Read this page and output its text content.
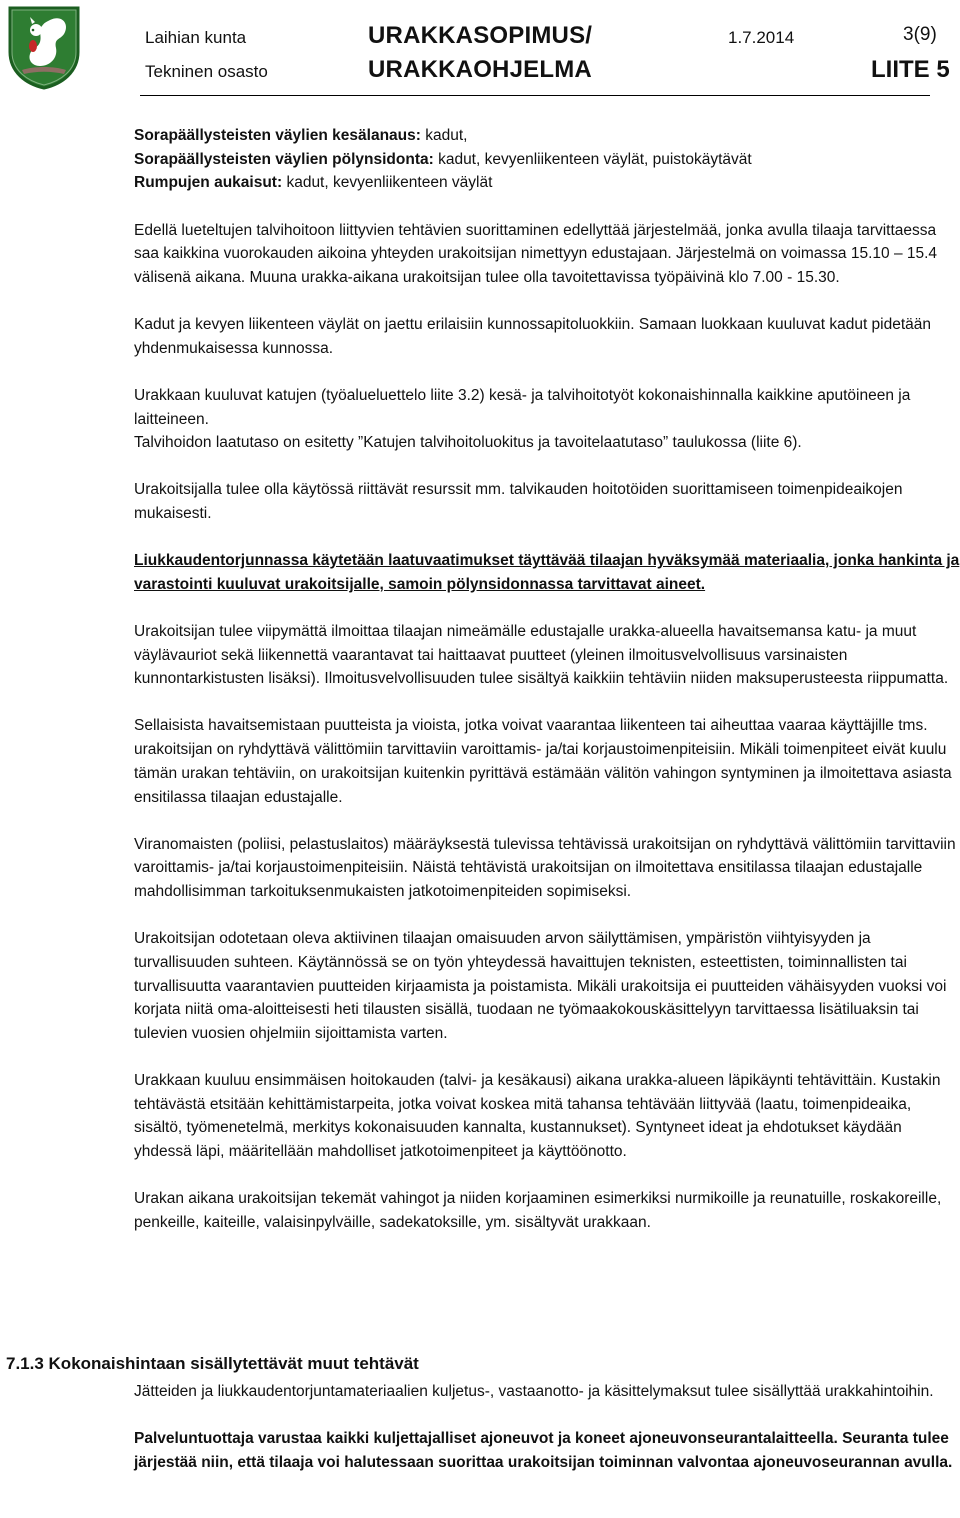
Laihian kunta
Tekninen osasto
URAKKASOPIMUS/
URAKKAOHJELMA
1.7.2014	3(9)
LIITE 5

Sorapäällysteisten väylien kesälanaus: kadut,

Sorapäällysteisten väylien pölynsidonta: kadut, kevyenliikenteen väylät, puistokäytävät

Rumpujen aukaisut: kadut, kevyenliikenteen väylät

Edellä lueteltujen talvihoitoon liittyvien tehtävien suorittaminen edellyttää järjestelmää, jonka avulla tilaaja tarvittaessa saa kaikkina vuorokauden aikoina yhteyden urakoitsijan nimettyyn edustajaan. Järjestelmä on voimassa 15.10 – 15.4 välisenä aikana. Muuna urakka-aikana urakoitsijan tulee olla tavoitettavissa työpäivinä klo 7.00 - 15.30.

Kadut ja kevyen liikenteen väylät on jaettu erilaisiin kunnossapitoluokkiin. Samaan luokkaan kuuluvat kadut pidetään yhdenmukaisessa kunnossa.

Urakkaan kuuluvat katujen (työalueluettelo liite 3.2) kesä- ja talvihoitotyöt kokonaishinnalla kaikkine aputöineen ja laitteineen.

Talvihoidon laatutaso on esitetty ”Katujen talvihoitoluokitus ja tavoitelaatutaso” taulukossa (liite 6).

Urakoitsijalla tulee olla käytössä riittävät resurssit mm. talvikauden hoitotöiden suorittamiseen toimenpideaikojen mukaisesti.

Liukkaudentorjunnassa käytetään laatuvaatimukset täyttävää tilaajan hyväksymää materiaalia, jonka hankinta ja varastointi kuuluvat urakoitsijalle, samoin pölynsidonnassa tarvittavat aineet.

Urakoitsijan tulee viipymättä ilmoittaa tilaajan nimeämälle edustajalle urakka-alueella havaitsemansa katu- ja muut väylävauriot sekä liikennettä vaarantavat tai haittaavat puutteet (yleinen ilmoitusvelvollisuus varsinaisten kunnontarkistusten lisäksi). Ilmoitusvelvollisuuden tulee sisältyä kaikkiin tehtäviin niiden maksuperusteesta riippumatta.

Sellaisista havaitsemistaan puutteista ja vioista, jotka voivat vaarantaa liikenteen tai aiheuttaa vaaraa käyttäjille tms. urakoitsijan on ryhdyttävä välittömiin tarvittaviin varoittamis- ja/tai korjaustoimenpiteisiin. Mikäli toimenpiteet eivät kuulu tämän urakan tehtäviin, on urakoitsijan kuitenkin pyrittävä estämään välitön vahingon syntyminen ja ilmoitettava asiasta ensitilassa tilaajan edustajalle.

Viranomaisten (poliisi, pelastuslaitos) määräyksestä tulevissa tehtävissä urakoitsijan on ryhdyttävä välittömiin tarvittaviin varoittamis- ja/tai korjaustoimenpiteisiin. Näistä tehtävistä urakoitsijan on ilmoitettava ensitilassa tilaajan edustajalle mahdollisimman tarkoituksenmukaisten jatkotoimenpiteiden sopimiseksi.

Urakoitsijan odotetaan oleva aktiivinen tilaajan omaisuuden arvon säilyttämisen, ympäristön viihtyisyyden ja turvallisuuden suhteen. Käytännössä se on työn yhteydessä havaittujen teknisten, esteettisten, toiminnallisten tai turvallisuutta vaarantavien puutteiden kirjaamista ja poistamista. Mikäli urakoitsija ei puutteiden vähäisyyden vuoksi voi korjata niitä oma-aloitteisesti heti tilausten sisällä, tuodaan ne työmaakokouskäsittelyyn tarvittaessa lisätiluaksin tai tulevien vuosien ohjelmiin sijoittamista varten.

Urakkaan kuuluu ensimmäisen hoitokauden (talvi- ja kesäkausi) aikana urakka-alueen läpikäynti tehtävittäin. Kustakin tehtävästä etsitään kehittämistarpeita, jotka voivat koskea mitä tahansa tehtävään liittyvää (laatu, toimenpideaika, sisältö, työmenetelmä, merkitys kokonaisuuden kannalta, kustannukset). Syntyneet ideat ja ehdotukset käydään yhdessä läpi, määritellään mahdolliset jatkotoimenpiteet ja käyttöönotto.

Urakan aikana urakoitsijan tekemät vahingot ja niiden korjaaminen esimerkiksi nurmikoille ja reunatuille, roskakoreille, penkeille, kaiteille, valaisinpylväille, sadekatoksille, ym. sisältyvät urakkaan.

7.1.3 Kokonaishintaan sisällytettävät muut tehtävät

Jätteiden ja liukkaudentorjuntamateriaalien kuljetus-, vastaanotto- ja käsittelymaksut tulee sisällyttää urakkahintoihin.

Palveluntuottaja varustaa kaikki kuljettajalliset ajoneuvot ja koneet ajoneuvonseurantalaitteella. Seuranta tulee järjestää niin, että tilaaja voi halutessaan suorittaa urakoitsijan toiminnan valvontaa ajoneuvoseurannan avulla.
